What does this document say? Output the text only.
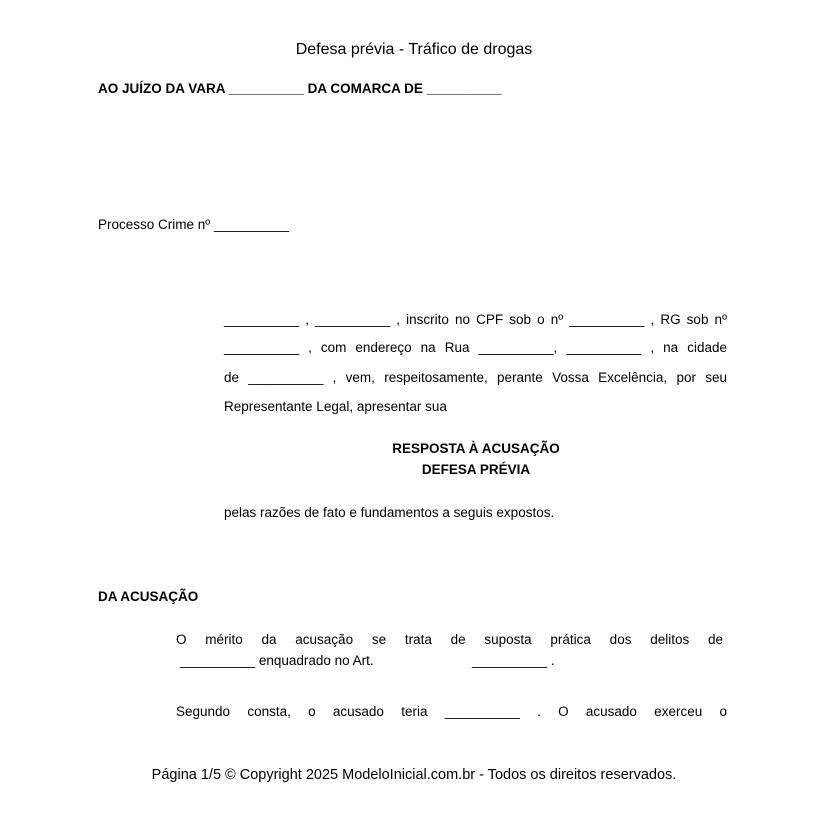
Defesa prévia - Tráfico de drogas
AO JUÍZO DA VARA __________ DA COMARCA DE __________
Processo Crime nº __________
__________ , __________ , inscrito no CPF sob o nº __________ , RG sob nº
__________ , com endereço na Rua __________, __________ , na cidade
de __________ , vem, respeitosamente, perante Vossa Excelência, por seu
Representante Legal, apresentar sua
RESPOSTA À ACUSAÇÃO
DEFESA PRÉVIA
pelas razões de fato e fundamentos a seguis expostos.
DA ACUSAÇÃO
O mérito da acusação se trata de suposta prática dos delitos de
__________ enquadrado no Art.	__________ .
Segundo consta, o acusado teria __________ . O acusado exerceu o
Página 1/5 © Copyright 2025 ModeloInicial.com.br - Todos os direitos reservados.
